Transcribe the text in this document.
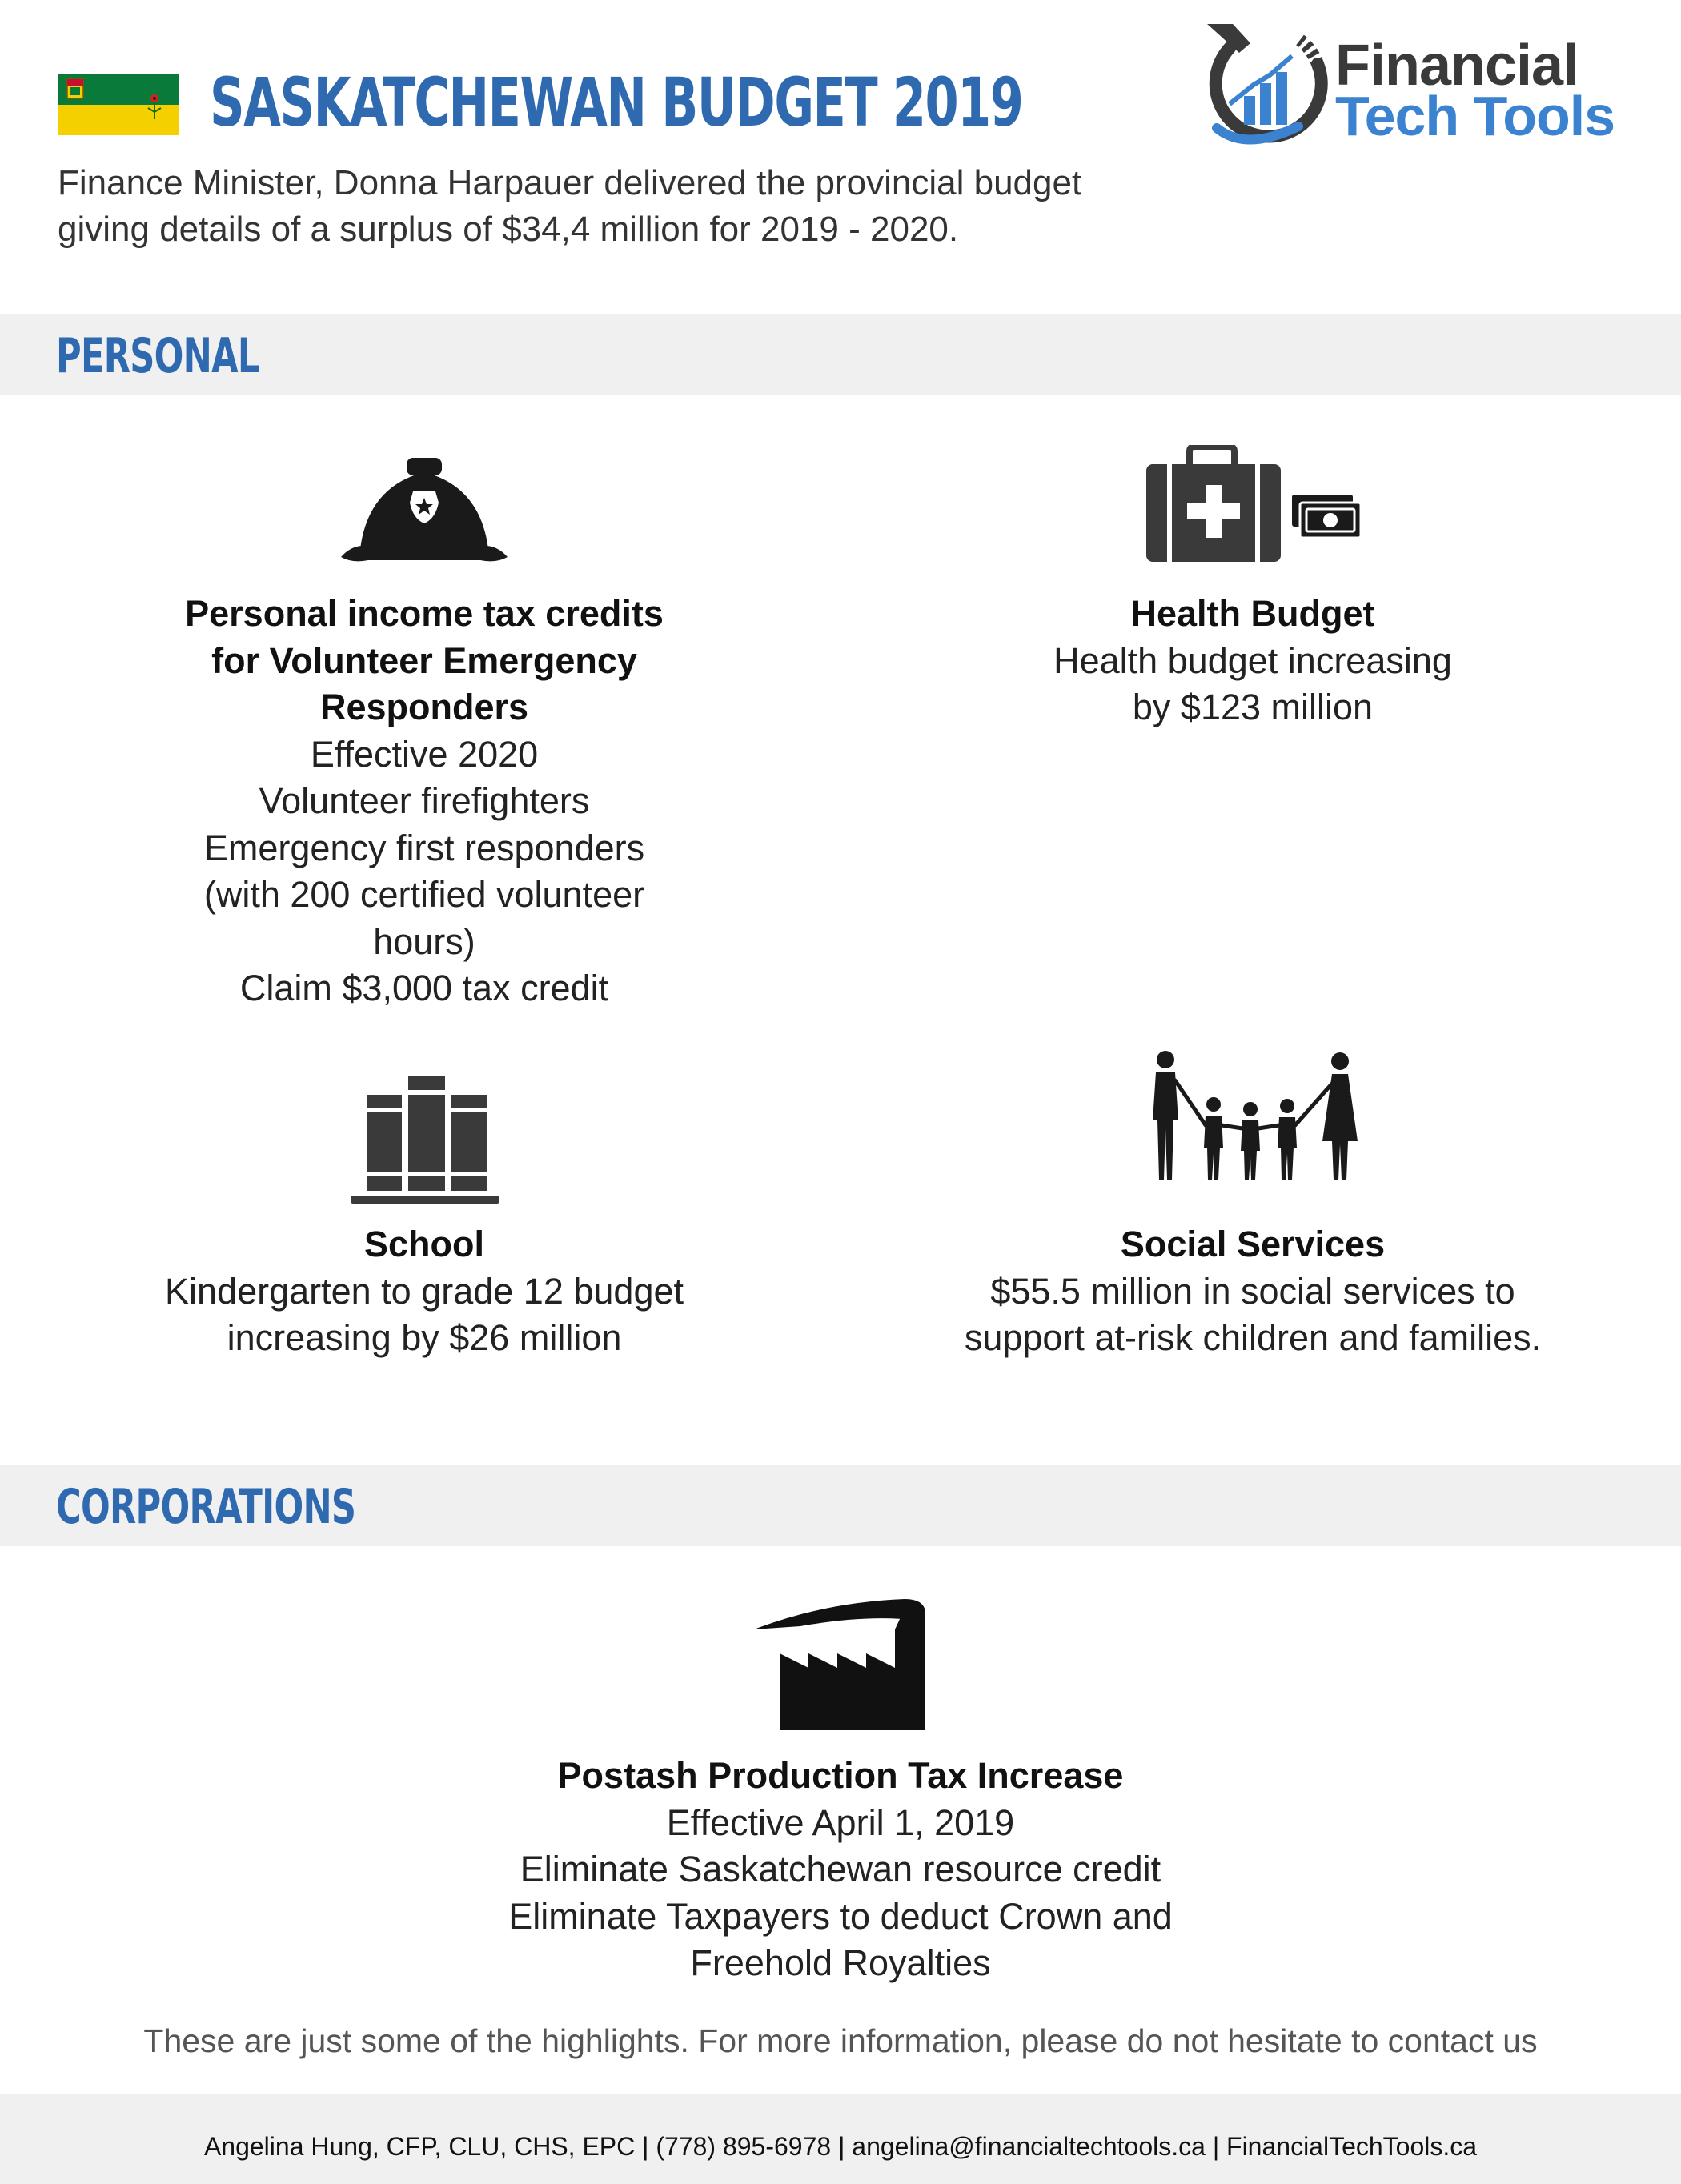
SASKATCHEWAN BUDGET 2019	Financial
Tech Tools
Finance Minister, Donna Harpauer delivered the provincial budget
giving details of a surplus of $34,4 million for 2019 - 2020.
PERSONAL
Personal income tax credits
for Volunteer Emergency
Responders
Effective 2020
Volunteer firefighters
Emergency first responders
(with 200 certified volunteer
hours)
Claim $3,000 tax credit
Health Budget
Health budget increasing
by $123 million
School
Kindergarten to grade 12 budget
increasing by $26 million
Social Services
$55.5 million in social services to
support at-risk children and families.
CORPORATIONS
Postash Production Tax Increase
Effective April 1, 2019
Eliminate Saskatchewan resource credit
Eliminate Taxpayers to deduct Crown and
Freehold Royalties
These are just some of the highlights. For more information, please do not hesitate to contact us
Angelina Hung, CFP, CLU, CHS, EPC | (778) 895-6978 | angelina@financialtechtools.ca | FinancialTechTools.ca
